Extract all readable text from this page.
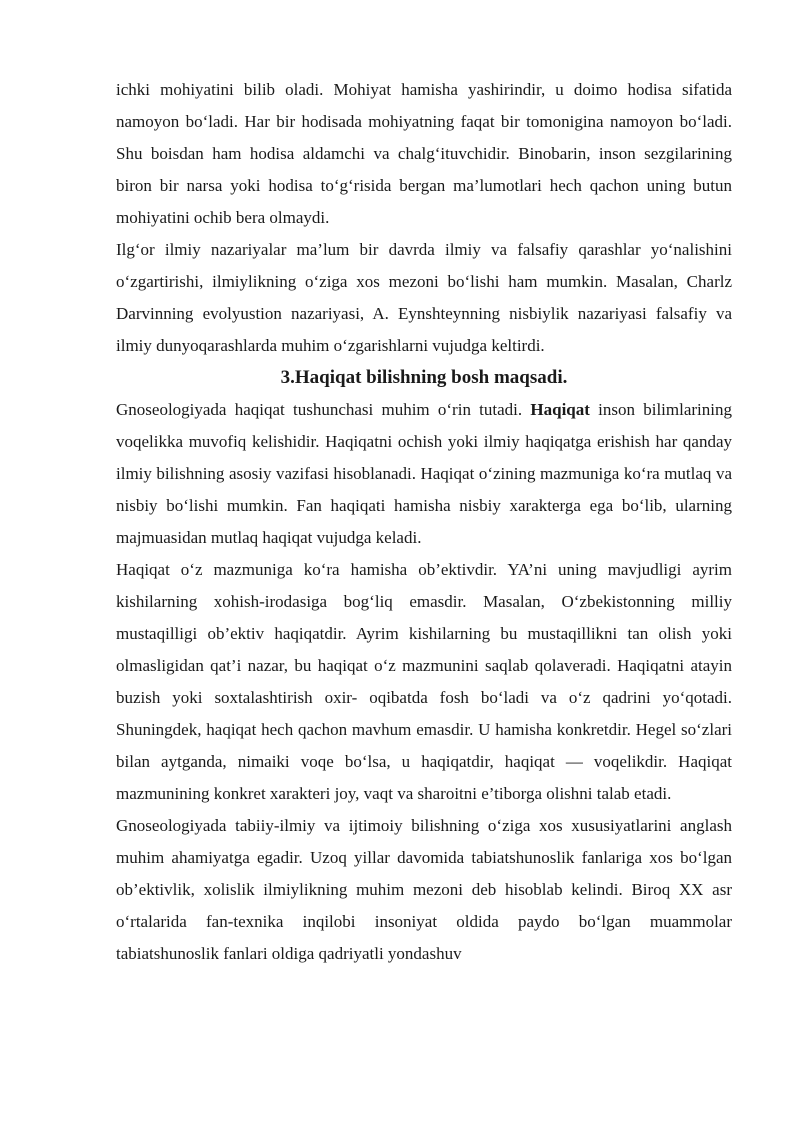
ichki mohiyatini bilib oladi. Mohiyat hamisha yashirindir, u doimo hodisa sifatida namoyon bo‘ladi. Har bir hodisada mohiyatning faqat bir tomonigina namoyon bo‘ladi. Shu boisdan ham hodisa aldamchi va chalg‘ituvchidir. Binobarin, inson sezgilarining biron bir narsa yoki hodisa to‘g‘risida bergan ma’lumotlari hech qachon uning butun mohiyatini ochib bera olmaydi.

Ilg‘or ilmiy nazariyalar ma’lum bir davrda ilmiy va falsafiy qarashlar yo‘nalishini o‘zgartirishi, ilmiylikning o‘ziga xos mezoni bo‘lishi ham mumkin. Masalan, Charlz Darvinning evolyustion nazariyasi, A. Eynshteynning nisbiylik nazariyasi falsafiy va ilmiy dunyoqarashlarda muhim o‘zgarishlarni vujudga keltirdi.

3.Haqiqat bilishning bosh maqsadi.

Gnoseologiyada haqiqat tushunchasi muhim o‘rin tutadi. Haqiqat inson bilimlarining voqelikka muvofiq kelishidir. Haqiqatni ochish yoki ilmiy haqiqatga erishish har qanday ilmiy bilishning asosiy vazifasi hisoblanadi. Haqiqat o‘zining mazmuniga ko‘ra mutlaq va nisbiy bo‘lishi mumkin. Fan haqiqati hamisha nisbiy xarakterga ega bo‘lib, ularning majmuasidan mutlaq haqiqat vujudga keladi.

Haqiqat o‘z mazmuniga ko‘ra hamisha ob’ektivdir. YA’ni uning mavjudligi ayrim kishilarning xohish-irodasiga bog‘liq emasdir. Masalan, O‘zbekistonning milliy mustaqilligi ob’ektiv haqiqatdir. Ayrim kishilarning bu mustaqillikni tan olish yoki olmasligidan qat’i nazar, bu haqiqat o‘z mazmunini saqlab qolaveradi. Haqiqatni atayin buzish yoki soxtalashtirish oxir- oqibatda fosh bo‘ladi va o‘z qadrini yo‘qotadi. Shuningdek, haqiqat hech qachon mavhum emasdir. U hamisha konkretdir. Hegel so‘zlari bilan aytganda, nimaiki voqe bo‘lsa, u haqiqatdir, haqiqat — voqelikdir. Haqiqat mazmunining konkret xarakteri joy, vaqt va sharoitni e’tiborga olishni talab etadi.

Gnoseologiyada tabiiy-ilmiy va ijtimoiy bilishning o‘ziga xos xususiyatlarini anglash muhim ahamiyatga egadir. Uzoq yillar davomida tabiatshunoslik fanlariga xos bo‘lgan ob’ektivlik, xolislik ilmiylikning muhim mezoni deb hisoblab kelindi. Biroq XX asr o‘rtalarida fan-texnika inqilobi insoniyat oldida paydo bo‘lgan muammolar tabiatshunoslik fanlari oldiga qadriyatli yondashuv
